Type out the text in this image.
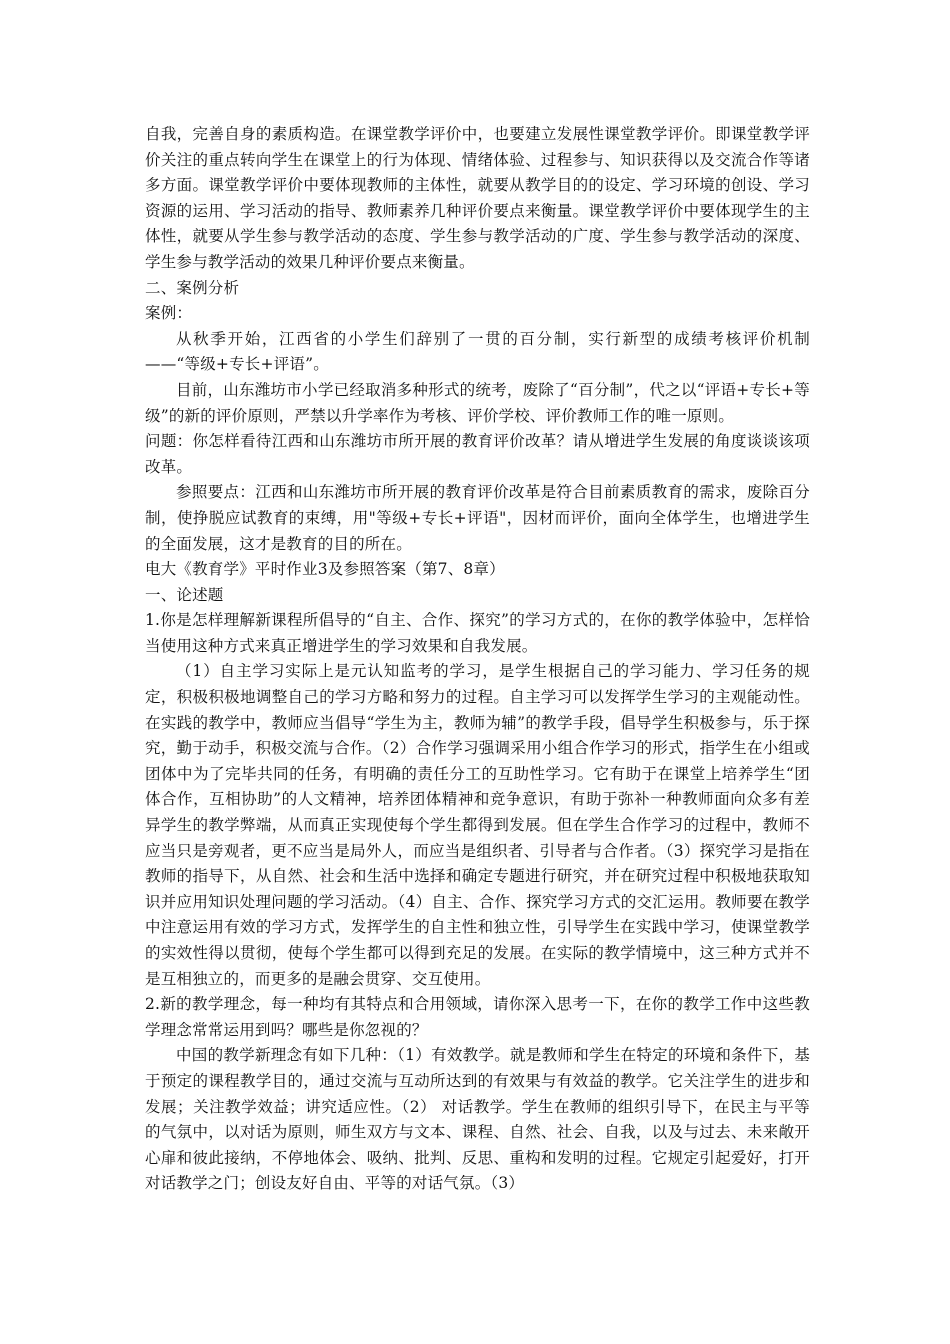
自我，完善自身的素质构造。在课堂教学评价中，也要建立发展性课堂教学评价。即课堂教学评价关注的重点转向学生在课堂上的行为体现、情绪体验、过程参与、知识获得以及交流合作等诸多方面。课堂教学评价中要体现教师的主体性，就要从教学目的的设定、学习环境的创设、学习资源的运用、学习活动的指导、教师素养几种评价要点来衡量。课堂教学评价中要体现学生的主体性，就要从学生参与教学活动的态度、学生参与教学活动的广度、学生参与教学活动的深度、学生参与教学活动的效果几种评价要点来衡量。

二、案例分析

案例：

从秋季开始，江西省的小学生们辞别了一贯的百分制，实行新型的成绩考核评价机制——“等级+专长+评语”。

目前，山东潍坊市小学已经取消多种形式的统考，废除了“百分制”，代之以“评语+专长+等级”的新的评价原则，严禁以升学率作为考核、评价学校、评价教师工作的唯一原则。

问题：你怎样看待江西和山东潍坊市所开展的教育评价改革？请从增进学生发展的角度谈谈该项改革。

参照要点：江西和山东潍坊市所开展的教育评价改革是符合目前素质教育的需求，废除百分制，使挣脱应试教育的束缚，用"等级+专长+评语"，因材而评价，面向全体学生，也增进学生的全面发展，这才是教育的目的所在。

电大《教育学》平时作业3及参照答案（第7、8章）

一、论述题

1.你是怎样理解新课程所倡导的“自主、合作、探究”的学习方式的，在你的教学体验中，怎样恰当使用这种方式来真正增进学生的学习效果和自我发展。

（1）自主学习实际上是元认知监考的学习，是学生根据自己的学习能力、学习任务的规定，积极积极地调整自己的学习方略和努力的过程。自主学习可以发挥学生学习的主观能动性。在实践的教学中，教师应当倡导“学生为主，教师为辅”的教学手段，倡导学生积极参与，乐于探究，勤于动手，积极交流与合作。（2）合作学习强调采用小组合作学习的形式，指学生在小组或团体中为了完毕共同的任务，有明确的责任分工的互助性学习。它有助于在课堂上培养学生“团体合作，互相协助”的人文精神，培养团体精神和竞争意识，有助于弥补一种教师面向众多有差异学生的教学弊端，从而真正实现使每个学生都得到发展。但在学生合作学习的过程中，教师不应当只是旁观者，更不应当是局外人，而应当是组织者、引导者与合作者。（3）探究学习是指在教师的指导下，从自然、社会和生活中选择和确定专题进行研究，并在研究过程中积极地获取知识并应用知识处理问题的学习活动。（4）自主、合作、探究学习方式的交汇运用。教师要在教学中注意运用有效的学习方式，发挥学生的自主性和独立性，引导学生在实践中学习，使课堂教学的实效性得以贯彻，使每个学生都可以得到充足的发展。在实际的教学情境中，这三种方式并不是互相独立的，而更多的是融会贯穿、交互使用。

2.新的教学理念，每一种均有其特点和合用领域，请你深入思考一下，在你的教学工作中这些教学理念常常运用到吗？哪些是你忽视的？

中国的教学新理念有如下几种：（1）有效教学。就是教师和学生在特定的环境和条件下，基于预定的课程教学目的，通过交流与互动所达到的有效果与有效益的教学。它关注学生的进步和发展；关注教学效益；讲究适应性。（2） 对话教学。学生在教师的组织引导下，在民主与平等的气氛中，以对话为原则，师生双方与文本、课程、自然、社会、自我，以及与过去、未来敞开心扉和彼此接纳，不停地体会、吸纳、批判、反思、重构和发明的过程。它规定引起爱好，打开对话教学之门；创设友好自由、平等的对话气氛。（3）
